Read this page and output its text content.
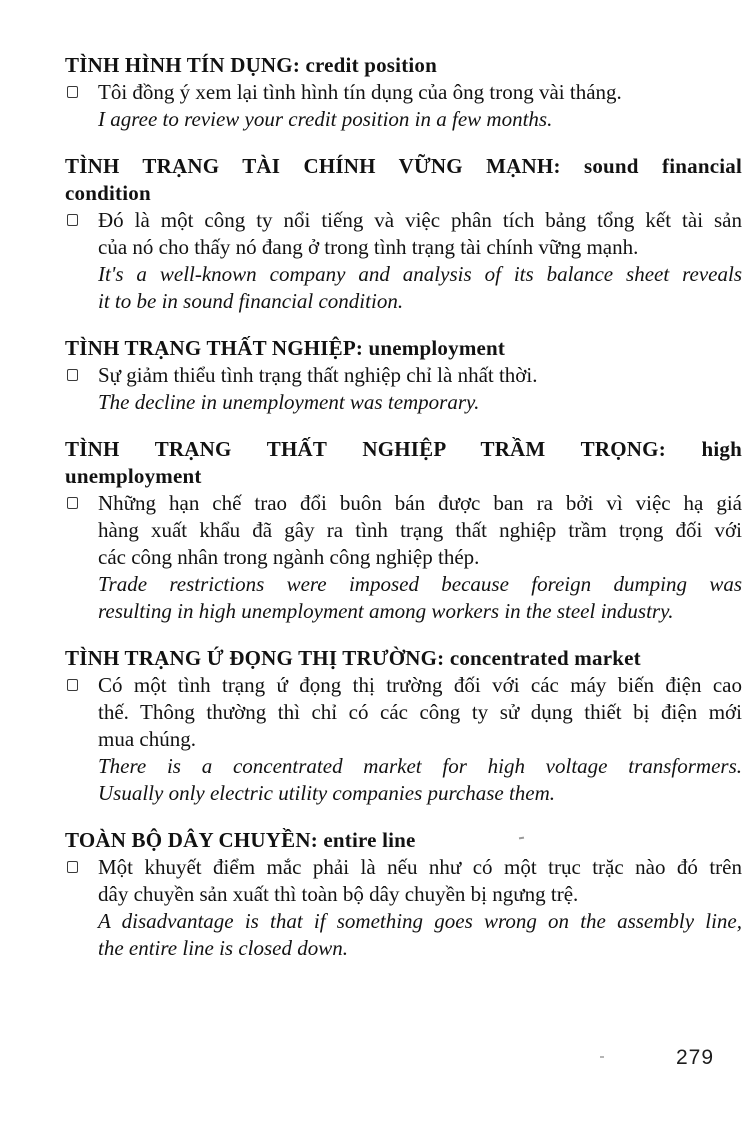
TÌNH HÌNH TÍN DỤNG: credit position

Tôi đồng ý xem lại tình hình tín dụng của ông trong vài tháng.

I agree to review your credit position in a few months.

TÌNH TRẠNG TÀI CHÍNH VỮNG MẠNH: sound financial
condition

Đó là một công ty nổi tiếng và việc phân tích bảng tổng kết tài sản
của nó cho thấy nó đang ở trong tình trạng tài chính vững mạnh.

It's a well-known company and analysis of its balance sheet reveals
it to be in sound financial condition.

TÌNH TRẠNG THẤT NGHIỆP: unemployment

Sự giảm thiểu tình trạng thất nghiệp chỉ là nhất thời.

The decline in unemployment was temporary.

TÌNH TRẠNG THẤT NGHIỆP TRẦM TRỌNG: high
unemployment

Những hạn chế trao đổi buôn bán được ban ra bởi vì việc hạ giá
hàng xuất khẩu đã gây ra tình trạng thất nghiệp trầm trọng đối với
các công nhân trong ngành công nghiệp thép.

Trade restrictions were imposed because foreign dumping was
resulting in high unemployment among workers in the steel industry.

TÌNH TRẠNG Ứ ĐỌNG THỊ TRƯỜNG: concentrated market

Có một tình trạng ứ đọng thị trường đối với các máy biến điện cao
thế. Thông thường thì chỉ có các công ty sử dụng thiết bị điện mới
mua chúng.

There is a concentrated market for high voltage transformers.
Usually only electric utility companies purchase them.

TOÀN BỘ DÂY CHUYỀN: entire line

Một khuyết điểm mắc phải là nếu như có một trục trặc nào đó trên
dây chuyền sản xuất thì toàn bộ dây chuyền bị ngưng trệ.

A disadvantage is that if something goes wrong on the assembly line,
the entire line is closed down.

279
